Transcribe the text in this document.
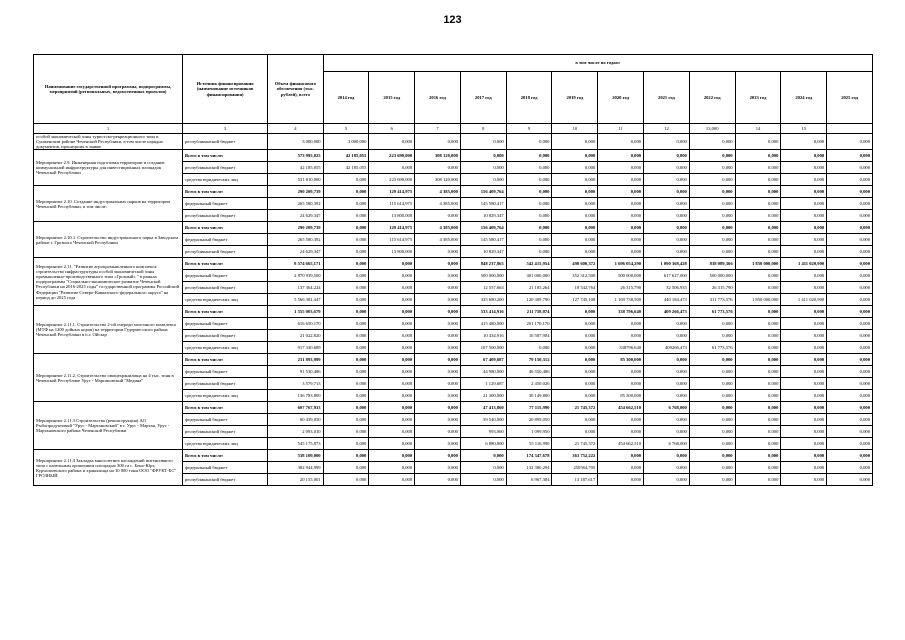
123
Наименование государственной программы, подпрограммы, мероприятий (региональных, ведомственных проектов)	Источник финансирования (наименование источников финансирования)	Объем финансового обеспечения (тыс. рублей), всего	в том числе по годам:											
			2014 год	2015 год	2016 год	2017 год	2018 год	2019 год	2020 год	2021 год	2022 год	2023 год	2024 год	2025 год
1	3	4	5	6	7	8	9	10	11	12	13,000	14	15	
особой экономической зоны туристско-рекреационного типа в Сунженском районе Чеченской Республики, в том числе изрядна документов, прошедших в заявке	республиканский бюджет	3 000,000	3 000,000	0,000	0,000	0,000	0,000	0,000	0,000	0,000	0,000	0,000	0,000	0,000
Мероприятие 2.9. Инженерная подготовка территории и создание коммунальной инфраструктуры для инвестиционных площадок Чеченской Республики	Всего в том числе:	573 995,025	42 185,055	223 690,000	308 120,000	0,000	0,000	0,000	0,000	0,000	0,000	0,000	0,000	0,000
	республиканский бюджет	42 185,055	42 185,055	0,000	0,000	0,000	0,000	0,000	0,000	0,000	0,000	0,000	0,000	0,000
	средства юридических лиц	531 810,000	0,000	223 690,000	308 120,000	0,000	0,000	0,000	0,000	0,000	0,000	0,000	0,000	0,000
Мероприятие 2.10. Создание индустриальных парков на территории Чеченской Республики, в том числе:	Всего в том числе:	290 209,739	0,000	129 414,975	4 385,000	156 409,764	0,000	0,000	0,000	0,000	0,000	0,000	0,000	0,000
	федеральный бюджет	265 580,392	0,000	115 614,975	4 385,000	145 580,417	0,000	0,000	0,000	0,000	0,000	0,000	0,000	0,000
	республиканский бюджет	24 629,347	0,000	13 800,000	0,000	10 829,347	0,000	0,000	0,000	0,000	0,000	0,000	0,000	0,000
Мероприятие 2.10.1. Строительство индустриального парка в Заводском районе г. Грозного Чеченской Республики	Всего в том числе:	290 209,739	0,000	129 414,975	4 385,000	156 409,764	0,000	0,000	0,000	0,000	0,000	0,000	0,000	0,000
	федеральный бюджет	265 580,392	0,000	115 614,975	4 385,000	145 580,417	0,000	0,000	0,000	0,000	0,000	0,000	0,000	0,000
	республиканский бюджет	24 629,347	0,000	13 800,000	0,000	10 829,347	0,000	0,000	0,000	0,000	0,000	0,000	0,000	0,000
Мероприятие 2.11. "Развитие агропромышленного комплекса: строительство инфраструктуры особой экономической зоны промышленно-производственного типа «Грозный» " в рамках подпрограммы "Социально-экономическое развитие Чеченской Республики на 2016-2025 годы" государственной программы Российской Федерации "Развитие Северо-Кавказского федерального округа" на период до 2025 года	Всего в том числе:	8 574 665,171	0,000	0,000	0,000	848 237,863	542 415,954	498 600,372	1 696 054,290	1 090 368,428	838 089,366	1 850 000,000	1 411 020,900	0,000
	федеральный бюджет	2 870 939,500	0,000	0,000	0,000	500 000,000	401 000,000	352 312,500	500 000,000	617 627,000	500 000,000	0,000	0,000	0,000
	республиканский бюджет	137 364,224	0,000	0,000	0,000	12 557,663	21 105,264	18 542,764	26 315,790	32 506,935	26 315,790	0,000	0,000	0,000
	средства юридических лиц	5 566 381,447	0,000	0,000	0,000	335 680,200	120 309,790	127 745,108	1 169 738,500	440 184,473	311 773,576	1 850 000,000	1 411 020,900	0,000
Мероприятие 2.11.1. Строительство 2-ой очереди молочного комплекса (МТФ на 1200 дойных коров) на территории Гудермесского района Чеченской Республики в п.г. Ойсхар	Всего в том числе:	1 555 003,679	0,000	0,000	0,000	533 414,916	211 758,074	0,000	338 796,640	409 266,473	61 773,576	0,000	0,000	0,000
	федеральный бюджет	616 650,170	0,000	0,000	0,000	415 480,000	201 170,170	0,000	0,000	0,000	0,000	0,000	0,000	0,000
	республиканский бюджет	21 022,820	0,000	0,000	0,000	10 434,916	10 587,904	0,000	0,000	0,000	0,000	0,000	0,000	0,000
	средства юридических лиц	917 330,689	0,000	0,000	0,000	107 500,000	0,000	0,000	338796,640	409266,473	61 773,576	0,000	0,000	0,000
Мероприятие 2.11.2. Строительство овощехранилища на 4 тыс. тонн в Чеченской Республике Урус - Мартановский "Медина"	Всего в том числе:	231 893,999	0,000	0,000	0,000	67 409,687	79 150,312	0,000	85 300,000	0,000	0,000	0,000	0,000	0,000
	федеральный бюджет	91 530,486	0,000	0,000	0,000	44 980,000	46 550,486	0,000	0,000	0,000	0,000	0,000	0,000	0,000
	республиканский бюджет	3 579,713	0,000	0,000	0,000	1 129,687	2 450,026	0,000	0,000	0,000	0,000	0,000	0,000	0,000
	средства юридических лиц	136 783,800	0,000	0,000	0,000	21 300,000	30 149,800	0,000	85 300,000	0,000	0,000	0,000	0,000	0,000
Мероприятие 2.11.3 Строительство (реконструкция) АО Рыбопродуктовый "Урус - Мартановский" в г. Урус - Мартан, Урус - Мартановского района Чеченской Республики	Всего в том числе:	607 767,933	0,000	0,000	0,000	47 413,860	77 115,990	21 745,372	454 662,510	6 768,000	0,000	0,000	0,000	0,000
	федеральный бюджет	60 439,050	0,000	0,000	0,000	39 540,000	20 899,050	0,000	0,000	0,000	0,000	0,000	0,000	0,000
	республиканский бюджет	2 093,010	0,000	0,000	0,000	993,060	1 099,950	0,000	0,000	0,000	0,000	0,000	0,000	0,000
	средства юридических лиц	545 175,873	0,000	0,000	0,000	6 880,800	55 116,990	21 745,372	454 662,510	6 768,000	0,000	0,000	0,000	0,000
Мероприятие 2.11.4 Закладка многолетних насаждений интенсивного типа с капельным орошением площадью 300 га с. Бено-Юрт, Курчалоевского района и хранилища на 10 000 тонн ООО "ФРУКТ-БС" ГРОЗНЫЙ	Всего в том числе:	538 109,000	0,000	0,000	0,000	0,000	174 347,678	363 752,222	0,000	0,000	0,000	0,000	0,000	0,000
	федеральный бюджет	382 944,999	0,000	0,000	0,000	0,000	132 380,294	250564,705	0,000	0,000	0,000	0,000	0,000	0,000
	республиканский бюджет	20 155,001	0,000	0,000	0,000	0,000	6 967,384	13 187,617	0,000	0,000	0,000	0,000	0,000	0,000
